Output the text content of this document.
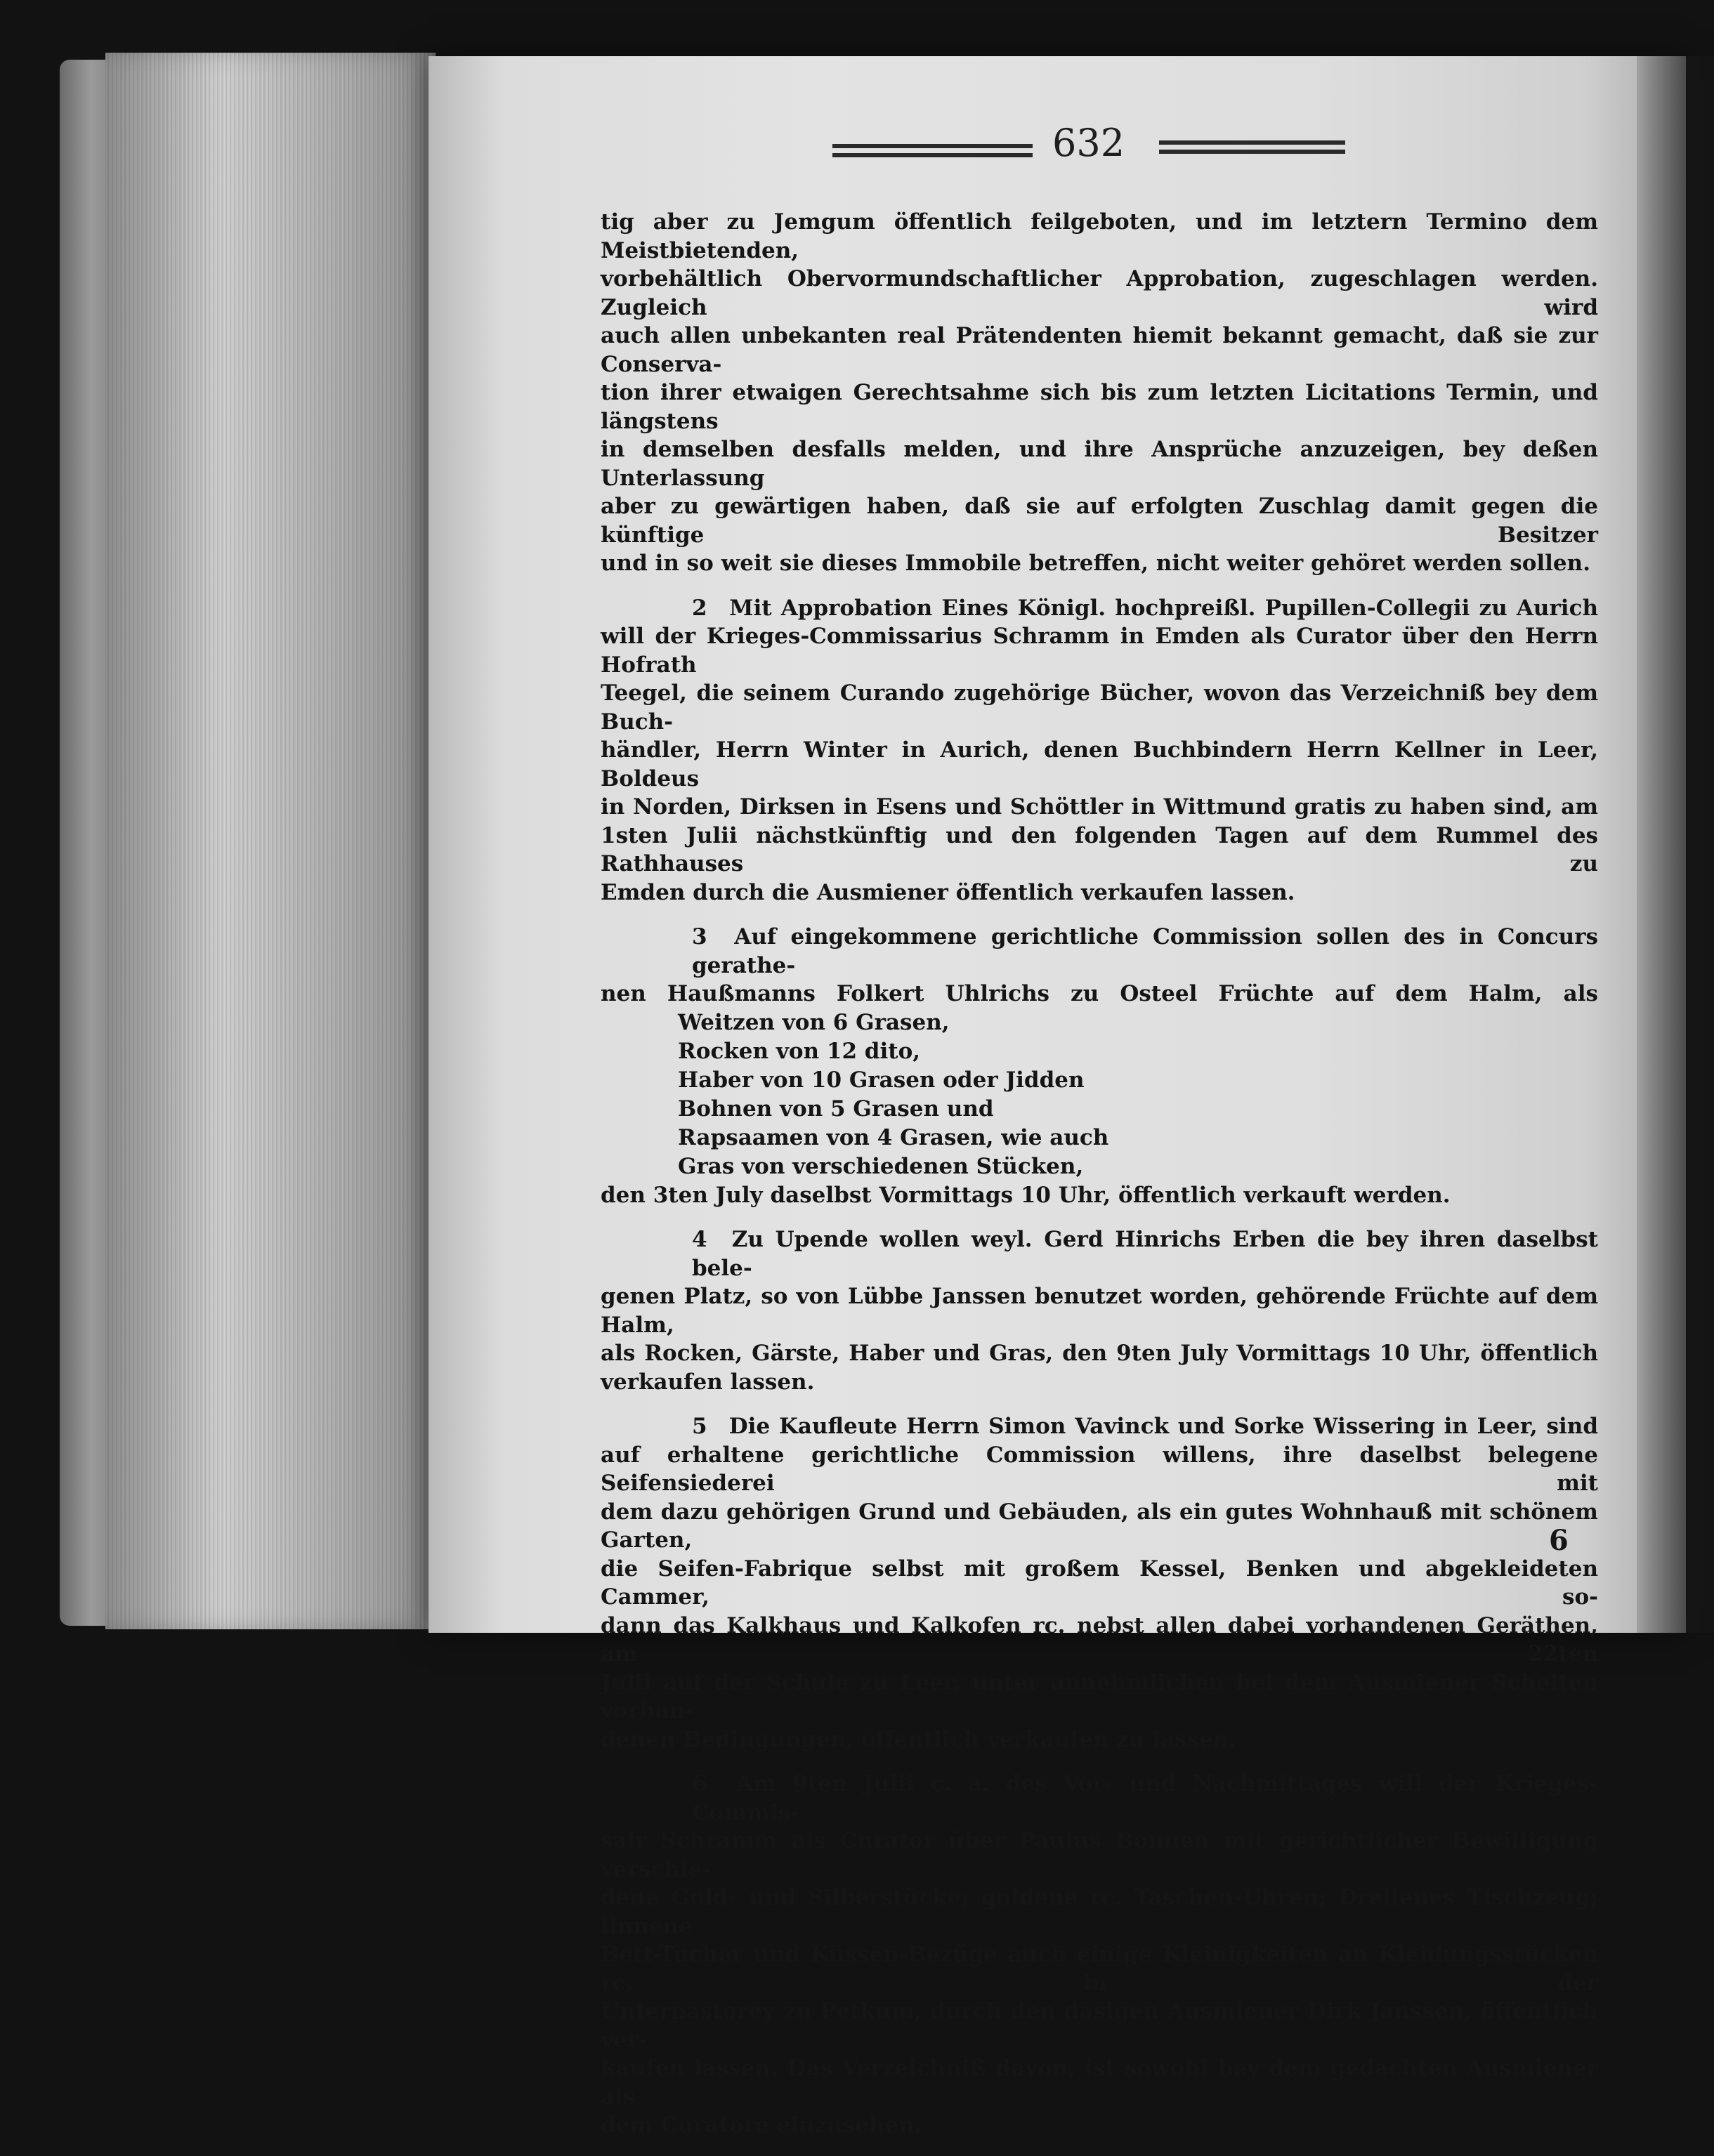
632
tig aber zu Jemgum öffentlich feilgeboten, und im letztern Termino dem Meistbietenden,
vorbehältlich Obervormundschaftlicher Approbation, zugeschlagen werden. Zugleich wird
auch allen unbekanten real Prätendenten hiemit bekannt gemacht, daß sie zur Conserva-
tion ihrer etwaigen Gerechtsahme sich bis zum letzten Licitations Termin, und längstens
in demselben desfalls melden, und ihre Ansprüche anzuzeigen, bey deßen Unterlassung
aber zu gewärtigen haben, daß sie auf erfolgten Zuschlag damit gegen die künftige Besitzer
und in so weit sie dieses Immobile betreffen, nicht weiter gehöret werden sollen.
2 Mit Approbation Eines Königl. hochpreißl. Pupillen-Collegii zu Aurich
will der Krieges-Commissarius Schramm in Emden als Curator über den Herrn Hofrath
Teegel, die seinem Curando zugehörige Bücher, wovon das Verzeichniß bey dem Buch-
händler, Herrn Winter in Aurich, denen Buchbindern Herrn Kellner in Leer, Boldeus
in Norden, Dirksen in Esens und Schöttler in Wittmund gratis zu haben sind, am
1sten Julii nächstkünftig und den folgenden Tagen auf dem Rummel des Rathhauses zu
Emden durch die Ausmiener öffentlich verkaufen lassen.
3 Auf eingekommene gerichtliche Commission sollen des in Concurs gerathe-
nen Haußmanns Folkert Uhlrichs zu Osteel Früchte auf dem Halm, als
Weitzen von 6 Grasen,
Rocken von 12 dito,
Haber von 10 Grasen oder Jidden
Bohnen von 5 Grasen und
Rapsaamen von 4 Grasen, wie auch
Gras von verschiedenen Stücken,
den 3ten July daselbst Vormittags 10 Uhr, öffentlich verkauft werden.
4 Zu Upende wollen weyl. Gerd Hinrichs Erben die bey ihren daselbst bele-
genen Platz, so von Lübbe Janssen benutzet worden, gehörende Früchte auf dem Halm,
als Rocken, Gärste, Haber und Gras, den 9ten July Vormittags 10 Uhr, öffentlich
verkaufen lassen.
5 Die Kaufleute Herrn Simon Vavinck und Sorke Wissering in Leer, sind
auf erhaltene gerichtliche Commission willens, ihre daselbst belegene Seifensiederei mit
dem dazu gehörigen Grund und Gebäuden, als ein gutes Wohnhauß mit schönem Garten,
die Seifen-Fabrique selbst mit großem Kessel, Benken und abgekleideten Cammer, so-
dann das Kalkhaus und Kalkofen rc. nebst allen dabei vorhandenen Geräthen, am 22ten
Julii auf der Schule zu Leer, unter annehmlichen bei dem Ausmiener Schelten vorhan-
denen Bedingungen, öffentlich verkaufen zu lassen.
6 Am 9ten Julii c. a. des Vor- und Nachmittages will der Krieges-Commis-
sair Schramm als Curator über Paulus Bonnen mit gerichtlicher Bewilligung verschie-
dene Gold- und Silberstücke; goldene rc. Taschen-Uhren; Drellenes Tischzeug; linnene
Bett-Tücher und Küssen-Bezüge auch einige Kleinigkeiten an Kleidungsstücken rc. in der
Unterpastorey zu Petkum, durch den dasigen Ausmiener Dirk Janssen, öffentlich ver-
kaufen lassen. Das Verzeichniß davon, ist sowohl bey dem gedachten Ausmiener als
dem Curatore einzusehen.
6
